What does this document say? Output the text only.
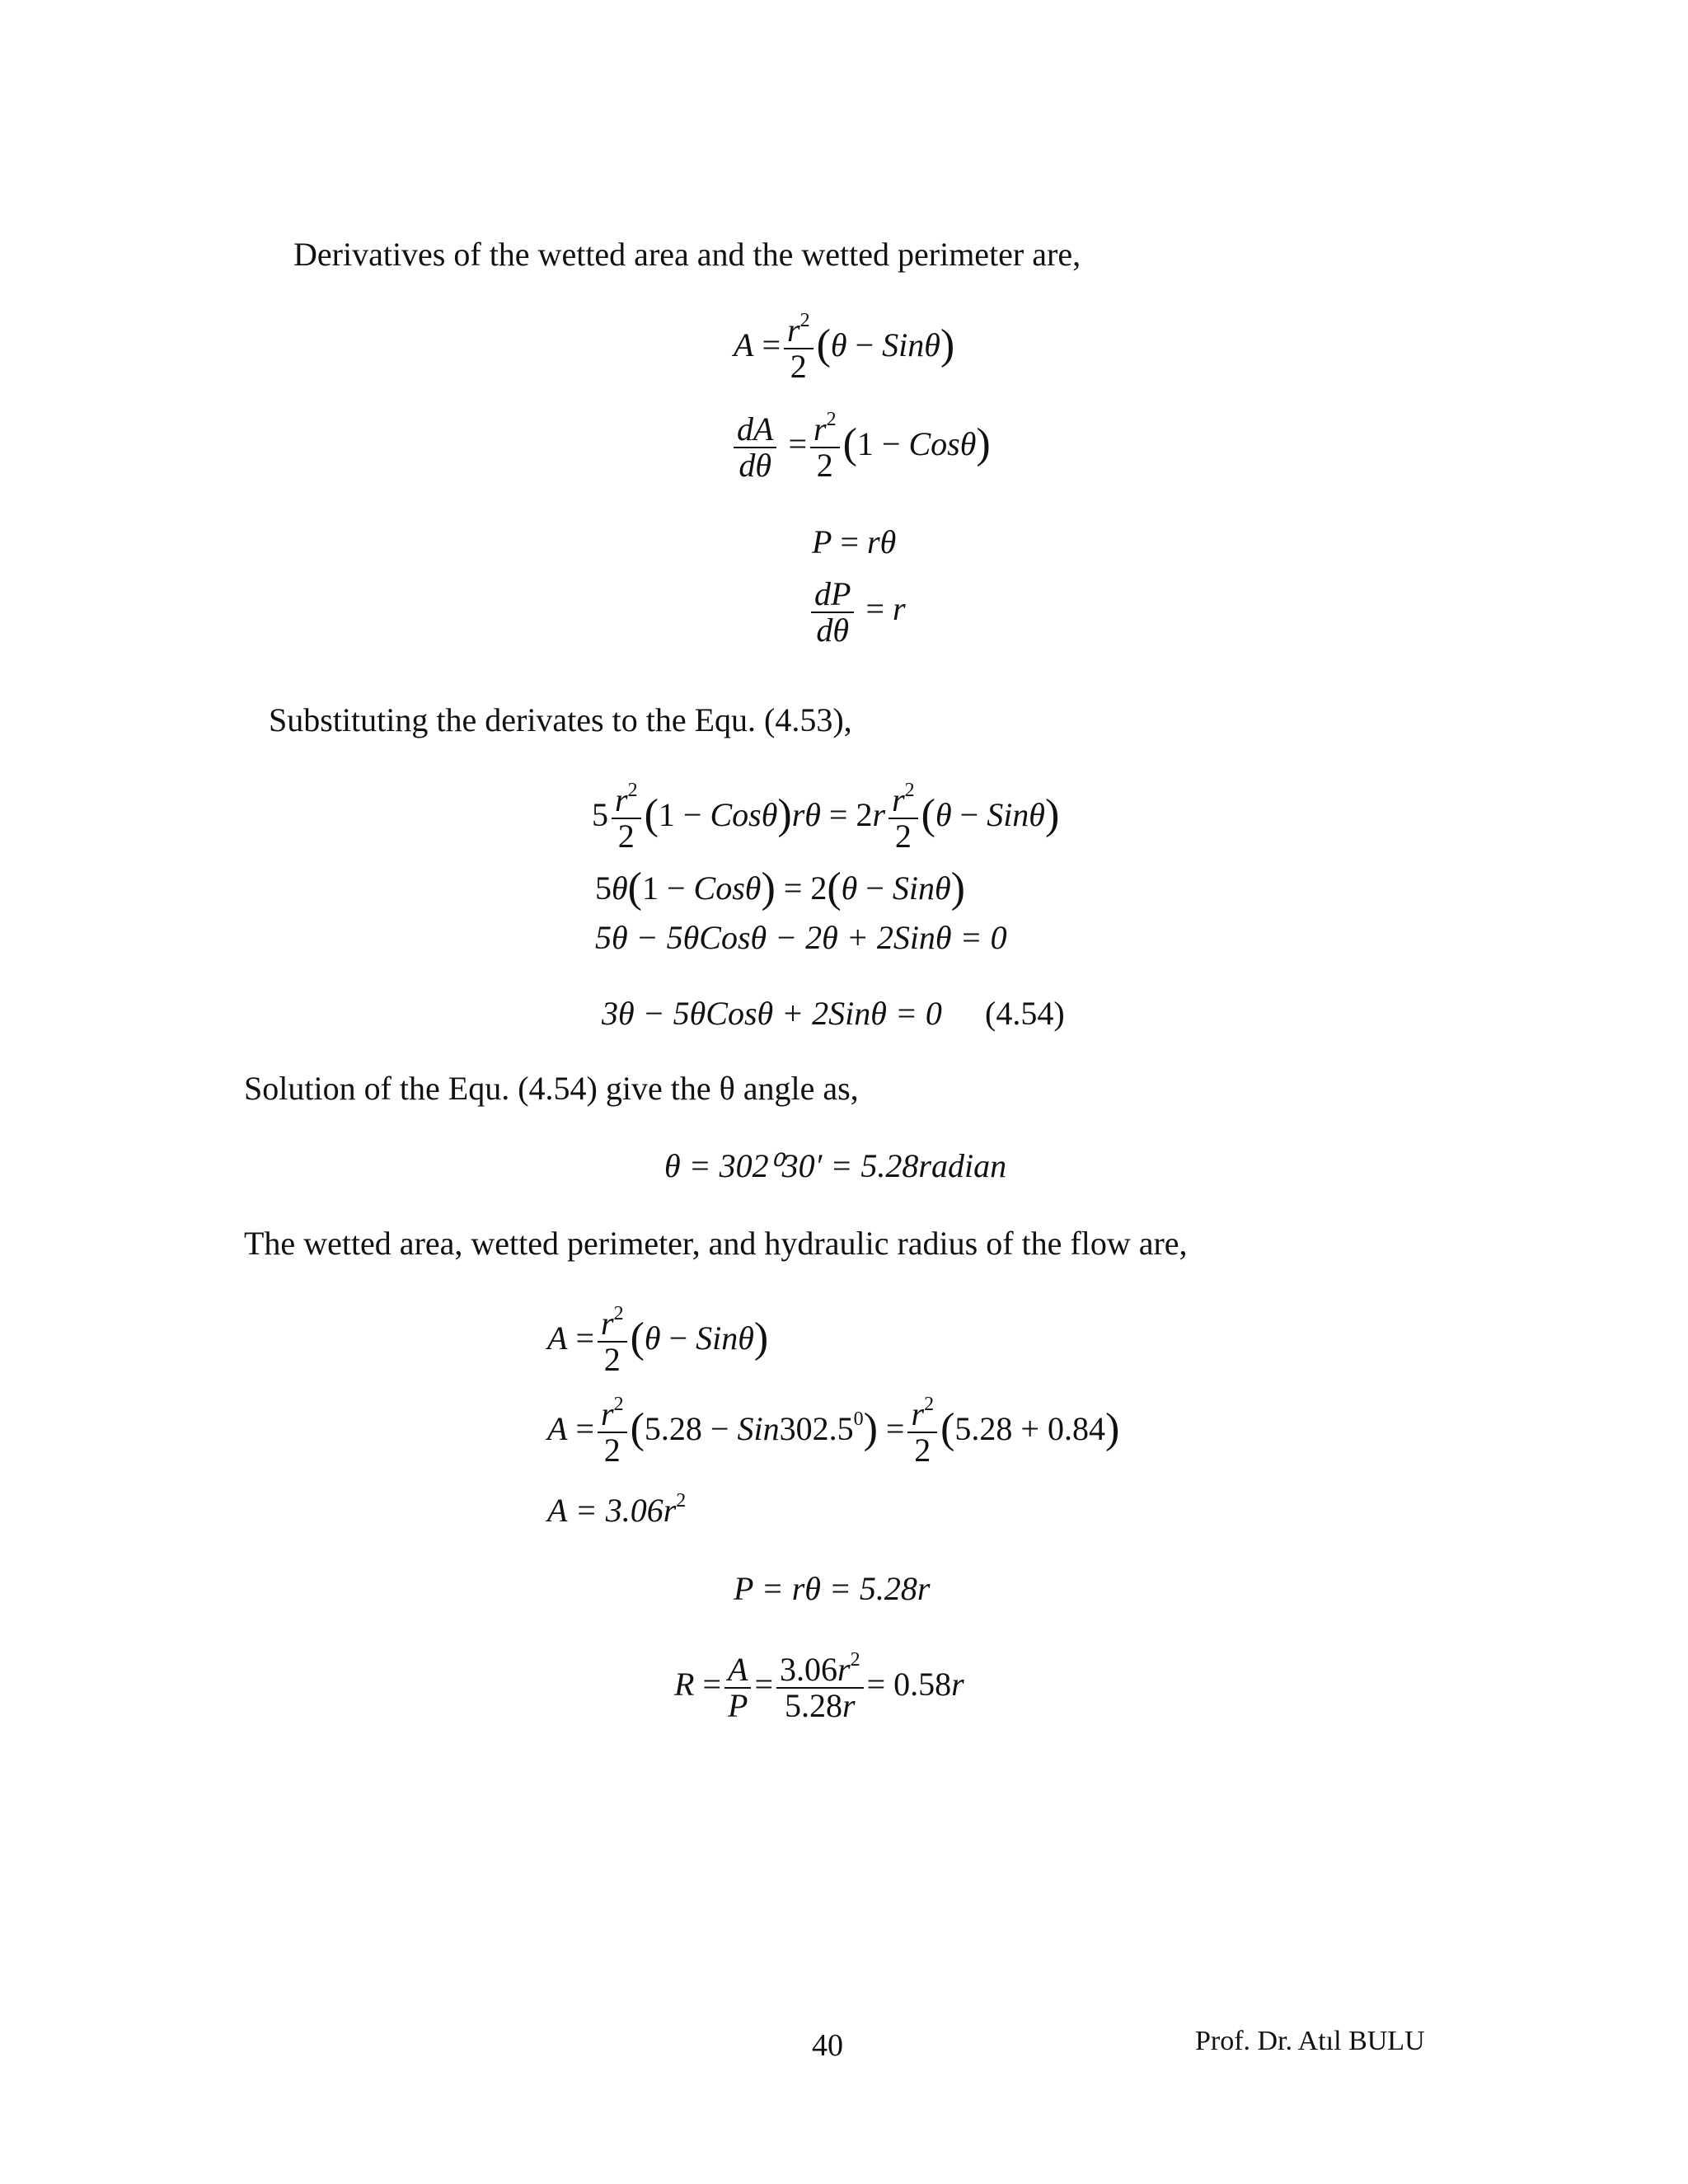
Derivatives of the wetted area and the wetted perimeter are,
$A = \frac{r^2}{2} (\theta - Sin\theta)$
$\frac{dA}{d\theta} = \frac{r^2}{2} (1 - Cos\theta)$
P = rθ
$\frac{dP}{d\theta} = r$
Substituting the derivates to the Equ. (4.53),
$5 \frac{r^2}{2} (1 - Cos\theta)r\theta = 2r \frac{r^2}{2} (\theta - Sin\theta)$
5θ(1 − Cosθ) = 2(θ − Sinθ)
5θ − 5θCosθ − 2θ + 2Sinθ = 0
3θ − 5θCosθ + 2Sinθ = 0 (4.54)
Solution of the Equ. (4.54) give the θ angle as,
θ = 302⁰30′ = 5.28radian
The wetted area, wetted perimeter, and hydraulic radius of the flow are,
$A = \frac{r^2}{2} (\theta - Sin\theta)$
$A = \frac{r^2}{2} (5.28 - Sin302.5^0) = \frac{r^2}{2} (5.28 + 0.84)$
$A = 3.06r^2$
P = rθ = 5.28r
$R = \frac{A}{P} = \frac{3.06r^2}{5.28r} = 0.58r$
40	Prof. Dr. Atıl BULU
